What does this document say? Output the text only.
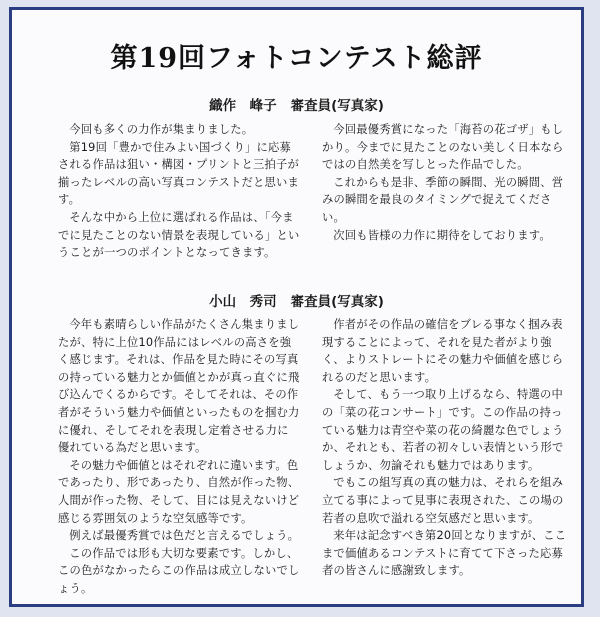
第19回フォトコンテスト総評
織作　峰子 審査員(写真家)

今回も多くの力作が集まりました。

第19回「豊かで住みよい国づくり」に応募される作品は狙い・構図・プリントと三拍子が揃ったレベルの高い写真コンテストだと思います。

そんな中から上位に選ばれる作品は、「今までに見たことのない情景を表現している」ということが一つのポイントとなってきます。

今回最優秀賞になった「海苔の花ゴザ」もしかり。今までに見たことのない美しく日本ならではの自然美を写しとった作品でした。

これからも是非、季節の瞬間、光の瞬間、営みの瞬間を最良のタイミングで捉えてください。

次回も皆様の力作に期待をしております。

小山　秀司 審査員(写真家)

今年も素晴らしい作品がたくさん集まりましたが、特に上位10作品にはレベルの高さを強く感じます。それは、作品を見た時にその写真の持っている魅力とか価値とかが真っ直ぐに飛び込んでくるからです。そしてそれは、その作者がそういう魅力や価値といったものを掴む力に優れ、そしてそれを表現し定着させる力に優れている為だと思います。

その魅力や価値とはそれぞれに違います。色であったり、形であったり、自然が作った物、人間が作った物、そして、目には見えないけど感じる雰囲気のような空気感等です。

例えば最優秀賞では色だと言えるでしょう。

この作品では形も大切な要素です。しかし、この色がなかったらこの作品は成立しないでしょう。

作者がその作品の確信をブレる事なく掴み表現することによって、それを見た者がより強く、よりストレートにその魅力や価値を感じられるのだと思います。

そして、もう一つ取り上げるなら、特選の中の「菜の花コンサート」です。この作品の持っている魅力は青空や菜の花の綺麗な色でしょうか、それとも、若者の初々しい表情という形でしょうか、勿論それも魅力ではあります。

でもこの組写真の真の魅力は、それらを組み立てる事によって見事に表現された、この場の若者の息吹で溢れる空気感だと思います。

来年は記念すべき第20回となりますが、ここまで価値あるコンテストに育てて下さった応募者の皆さんに感謝致します。
